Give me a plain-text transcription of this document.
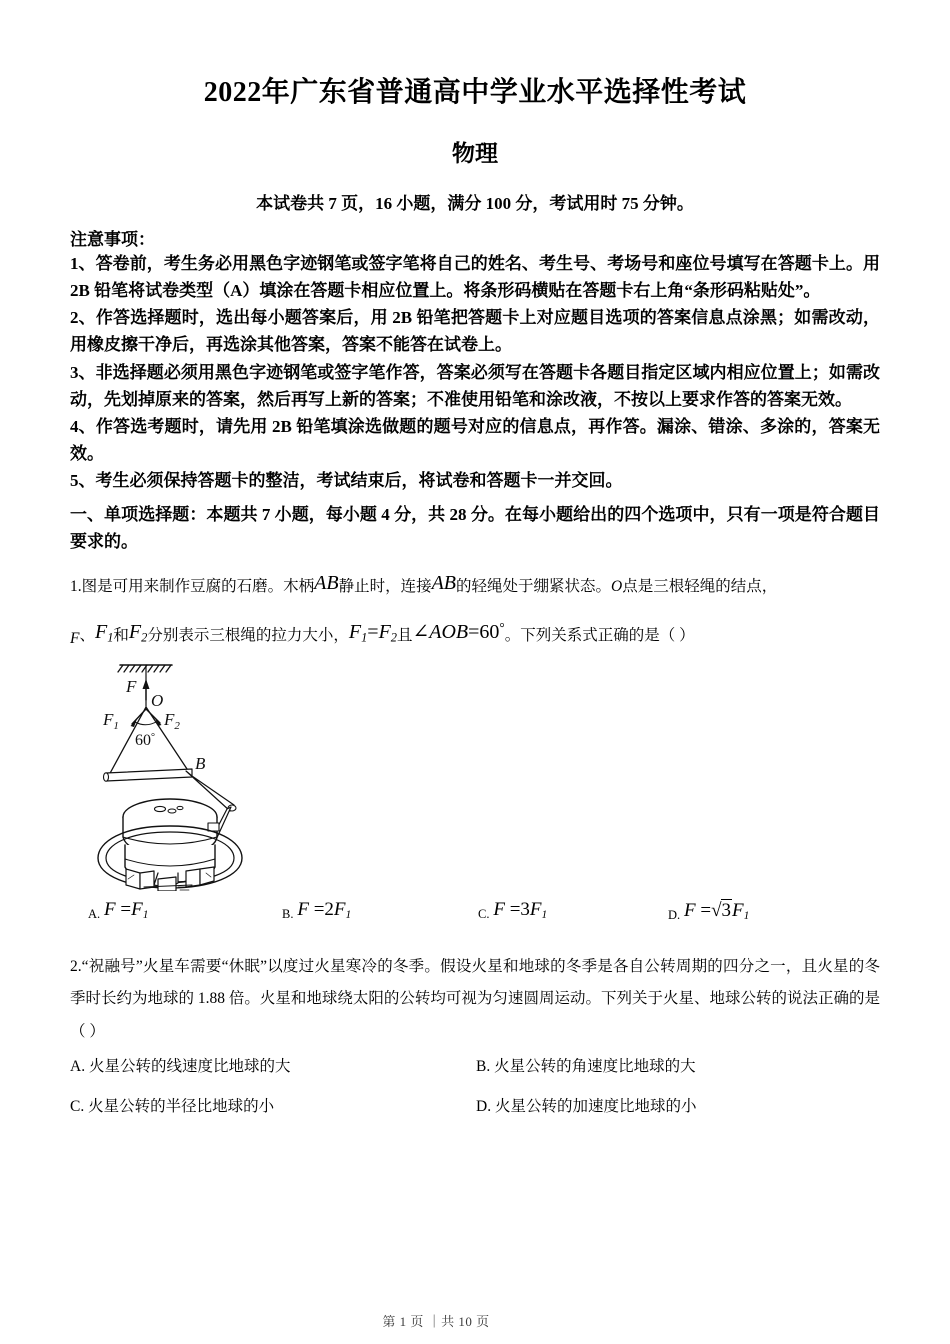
2022年广东省普通高中学业水平选择性考试
物理

本试卷共 7 页，16 小题，满分 100 分，考试用时 75 分钟。

注意事项：

1、答卷前，考生务必用黑色字迹钢笔或签字笔将自己的姓名、考生号、考场号和座位号填写在答题卡上。用 2B 铅笔将试卷类型（A）填涂在答题卡相应位置上。将条形码横贴在答题卡右上角“条形码粘贴处”。

2、作答选择题时，选出每小题答案后，用 2B 铅笔把答题卡上对应题目选项的答案信息点涂黑；如需改动，用橡皮擦干净后，再选涂其他答案，答案不能答在试卷上。

3、非选择题必须用黑色字迹钢笔或签字笔作答，答案必须写在答题卡各题目指定区域内相应位置上；如需改动，先划掉原来的答案，然后再写上新的答案；不准使用铅笔和涂改液，不按以上要求作答的答案无效。

4、作答选考题时，请先用 2B 铅笔填涂选做题的题号对应的信息点，再作答。漏涂、错涂、多涂的，答案无效。

5、考生必须保持答题卡的整洁，考试结束后，将试卷和答题卡一并交回。

一、单项选择题：本题共 7 小题，每小题 4 分，共 28 分。在每小题给出的四个选项中，只有一项是符合题目要求的。

1.图是可用来制作豆腐的石磨。木柄AB静止时，连接AB的轻绳处于绷紧状态。O点是三根轻绳的结点，

F、$F_1$和$F_2$分别表示三根绳的拉力大小，$F_1=F_2$且∠AOB=60°。下列关系式正确的是（ ）

F
O
$F_1$	$F_2$
60°
B
A. $F =F_1$	B. $F =2F_1$	C. $F =3F_1$	D. $F =√3F_1$

2.“祝融号”火星车需要“休眠”以度过火星寒冷的冬季。假设火星和地球的冬季是各自公转周期的四分之一，且火星的冬季时长约为地球的 1.88 倍。火星和地球绕太阳的公转均可视为匀速圆周运动。下列关于火星、地球公转的说法正确的是（ ）

A. 火星公转的线速度比地球的大	B. 火星公转的角速度比地球的大
C. 火星公转的半径比地球的小	D. 火星公转的加速度比地球的小
第 1 页 ｜共 10 页
